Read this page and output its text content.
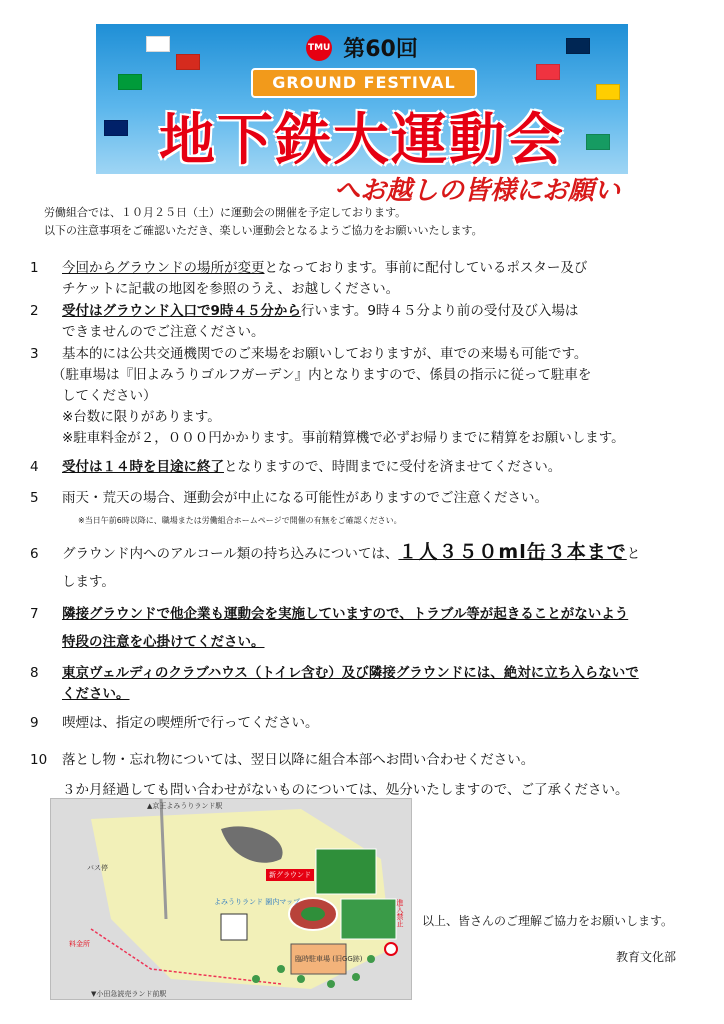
TMU 第60回
GROUND FESTIVAL
地下鉄大運動会
へお越しの皆様にお願い
労働組合では、１０月２５日（土）に運動会の開催を予定しております。
以下の注意事項をご確認いただき、楽しい運動会となるようご協力をお願いいたします。
1 今回からグラウンドの場所が変更となっております。事前に配付しているポスター及び
チケットに記載の地図を参照のうえ、お越しください。
2 受付はグラウンド入口で9時４５分から行います。9時４５分より前の受付及び入場は
できませんのでご注意ください。
3 基本的には公共交通機関でのご来場をお願いしておりますが、車での来場も可能です。
（駐車場は『旧よみうりゴルフガーデン』内となりますので、係員の指示に従って駐車を
してください）
※台数に限りがあります。
※駐車料金が２，０００円かかります。事前精算機で必ずお帰りまでに精算をお願いします。
4 受付は１４時を目途に終了となりますので、時間までに受付を済ませてください。
5 雨天・荒天の場合、運動会が中止になる可能性がありますのでご注意ください。
※当日午前6時以降に、職場または労働組合ホームページで開催の有無をご確認ください。
6 グラウンド内へのアルコール類の持ち込みについては、１人３５０ml缶３本までと
します。
7 隣接グラウンドで他企業も運動会を実施していますので、トラブル等が起きることがないよう
特段の注意を心掛けてください。
8 東京ヴェルディのクラブハウス（トイレ含む）及び隣接グラウンドには、絶対に立ち入らないで
ください。
9 喫煙は、指定の喫煙所で行ってください。
10 落とし物・忘れ物については、翌日以降に組合本部へお問い合わせください。
３か月経過しても問い合わせがないものについては、処分いたしますので、ご了承ください。
▲京王よみうりランド駅
新グラウンド
よみうりランド 園内マップ
バス停
料金所
臨時駐車場 (旧GG跡)
進入禁止
▼小田急読売ランド前駅
以上、皆さんのご理解ご協力をお願いします。
教育文化部
